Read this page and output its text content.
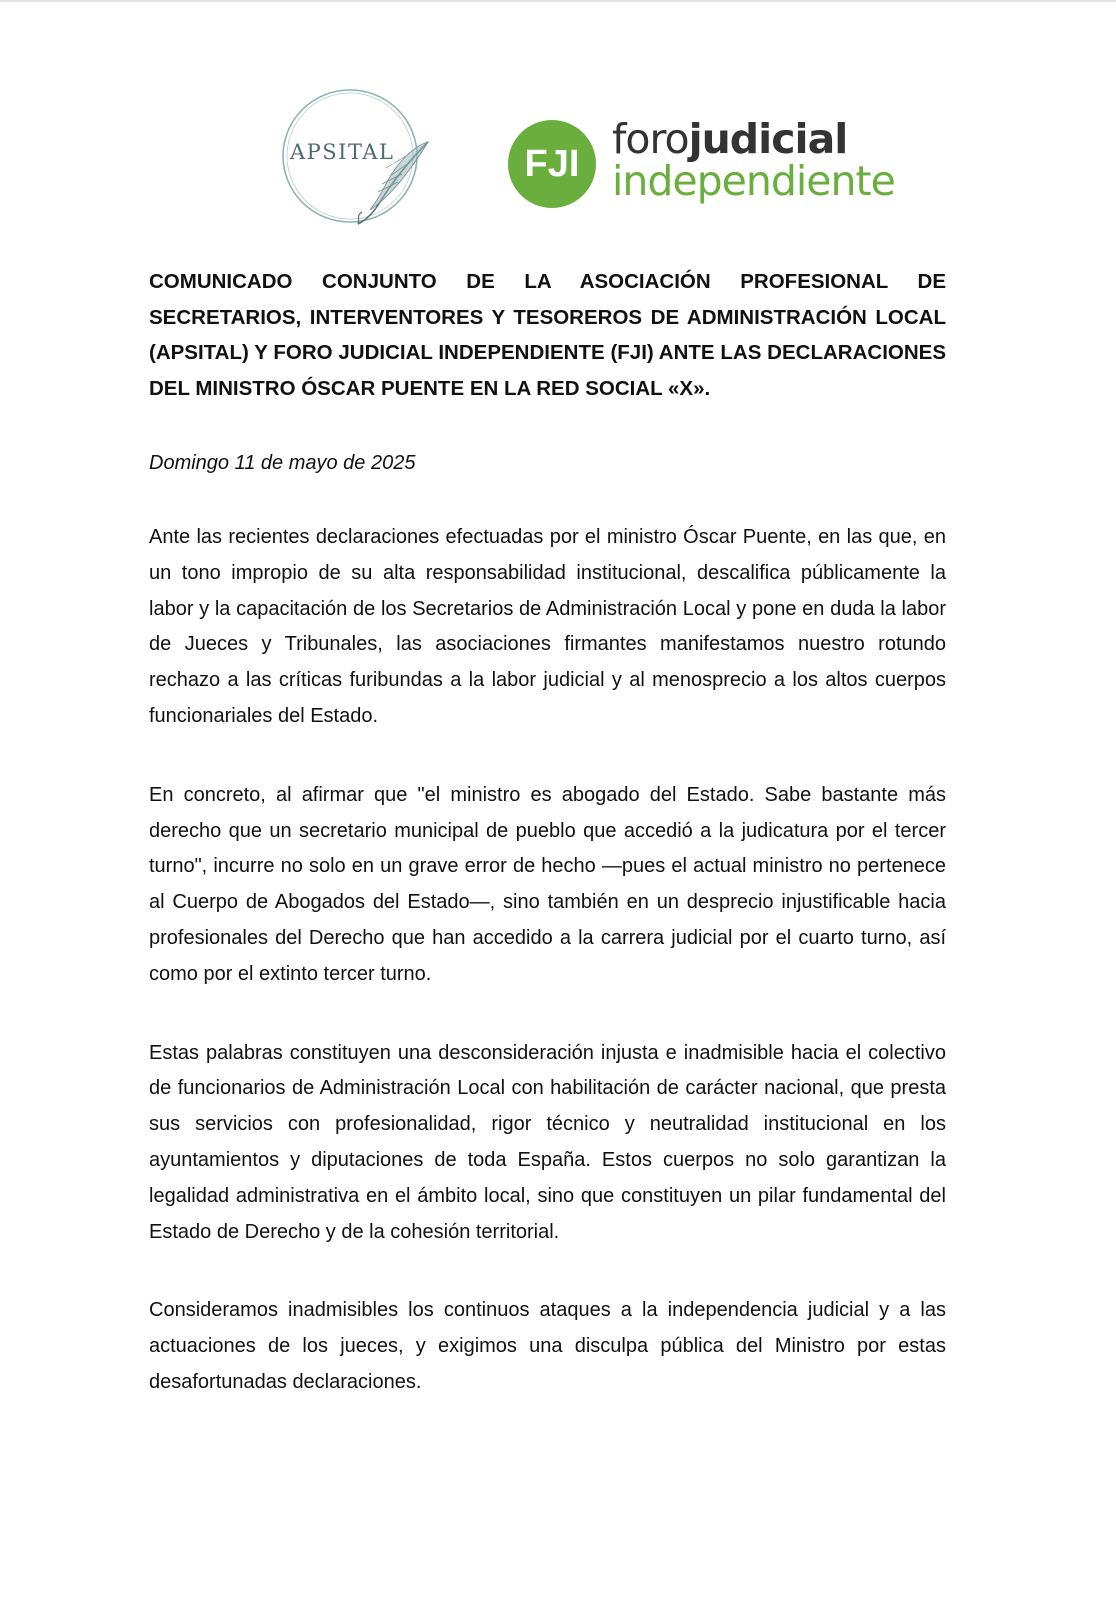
APSITAL	FJI
forojudicial
independiente

COMUNICADO CONJUNTO DE LA ASOCIACIÓN PROFESIONAL DE SECRETARIOS, INTERVENTORES Y TESOREROS DE ADMINISTRACIÓN LOCAL (APSITAL) Y FORO JUDICIAL INDEPENDIENTE (FJI) ANTE LAS DECLARACIONES DEL MINISTRO ÓSCAR PUENTE EN LA RED SOCIAL «X».

Domingo 11 de mayo de 2025

Ante las recientes declaraciones efectuadas por el ministro Óscar Puente, en las que, en un tono impropio de su alta responsabilidad institucional, descalifica públicamente la labor y la capacitación de los Secretarios de Administración Local y pone en duda la labor de Jueces y Tribunales, las asociaciones firmantes manifestamos nuestro rotundo rechazo a las críticas furibundas a la labor judicial y al menosprecio a los altos cuerpos funcionariales del Estado.

En concreto, al afirmar que "el ministro es abogado del Estado. Sabe bastante más derecho que un secretario municipal de pueblo que accedió a la judicatura por el tercer turno", incurre no solo en un grave error de hecho —pues el actual ministro no pertenece al Cuerpo de Abogados del Estado—, sino también en un desprecio injustificable hacia profesionales del Derecho que han accedido a la carrera judicial por el cuarto turno, así como por el extinto tercer turno.

Estas palabras constituyen una desconsideración injusta e inadmisible hacia el colectivo de funcionarios de Administración Local con habilitación de carácter nacional, que presta sus servicios con profesionalidad, rigor técnico y neutralidad institucional en los ayuntamientos y diputaciones de toda España. Estos cuerpos no solo garantizan la legalidad administrativa en el ámbito local, sino que constituyen un pilar fundamental del Estado de Derecho y de la cohesión territorial.

Consideramos inadmisibles los continuos ataques a la independencia judicial y a las actuaciones de los jueces, y exigimos una disculpa pública del Ministro por estas desafortunadas declaraciones.
